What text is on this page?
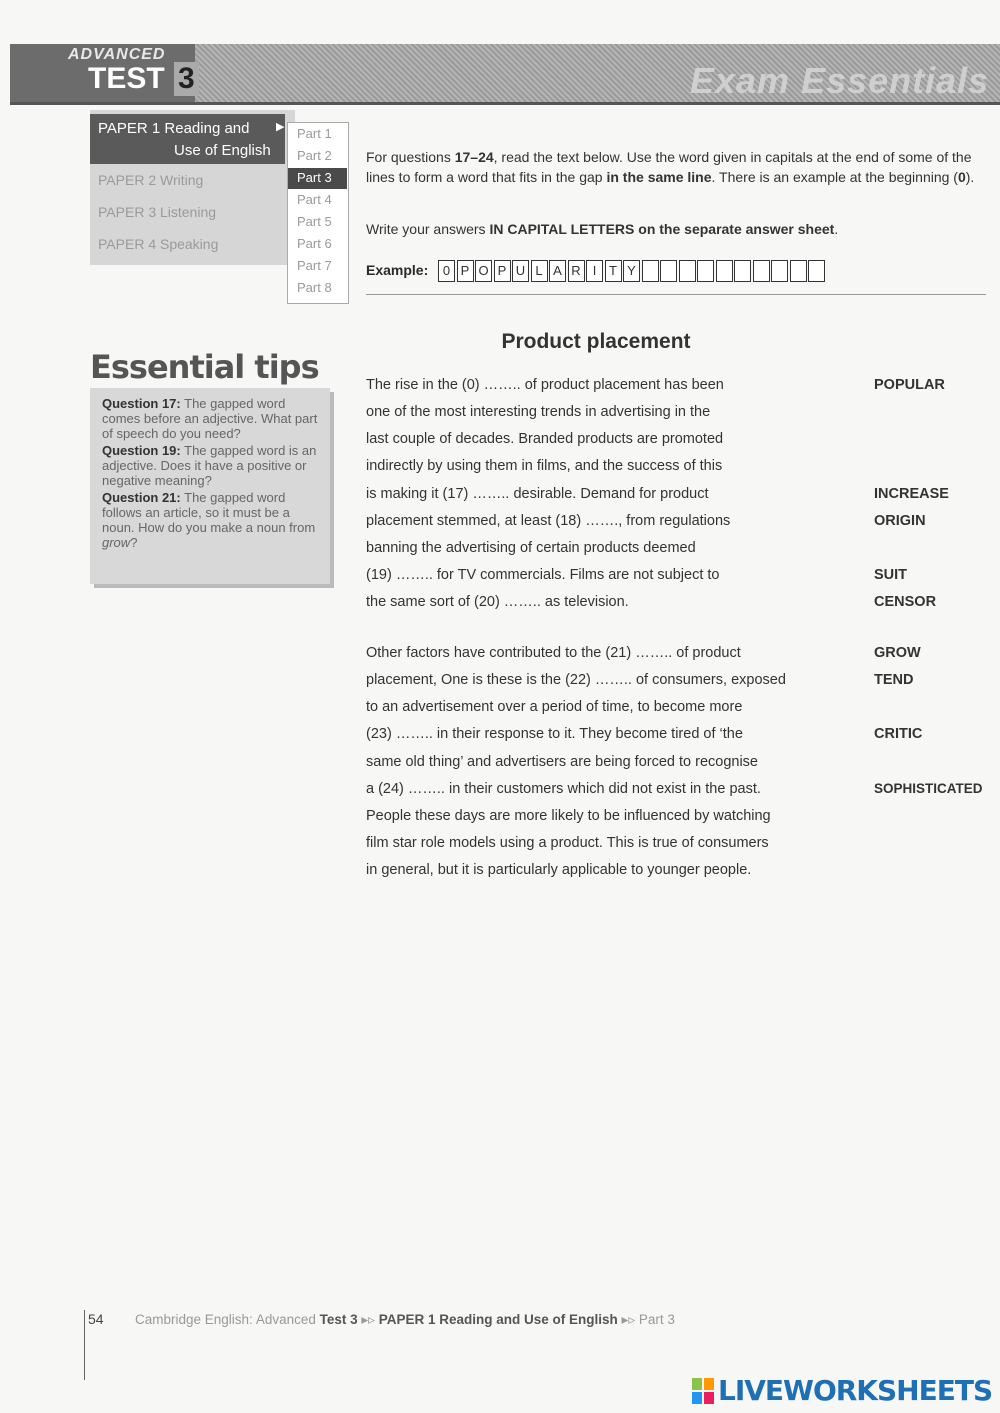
ADVANCED
TEST 3	Exam Essentials
PAPER 1 Reading and
Use of English
▶
PAPER 2 Writing
PAPER 3 Listening
PAPER 4 Speaking
Part 1
Part 2
Part 3
Part 4
Part 5
Part 6
Part 7
Part 8
For questions 17–24, read the text below. Use the word given in capitals at the end of some of the lines to form a word that fits in the gap in the same line. There is an example at the beginning (0).
Write your answers IN CAPITAL LETTERS on the separate answer sheet.
Example:	0 P O P U L A R I T Y
Essential tips
Question 17: The gapped word comes before an adjective. What part of speech do you need?
Question 19: The gapped word is an adjective. Does it have a positive or negative meaning?
Question 21: The gapped word follows an article, so it must be a noun. How do you make a noun from grow?
Product placement
The rise in the (0) …….. of product placement has been
one of the most interesting trends in advertising in the
last couple of decades. Branded products are promoted
indirectly by using them in films, and the success of this
is making it (17) …….. desirable. Demand for product
placement stemmed, at least (18) ……., from regulations
banning the advertising of certain products deemed
(19) …….. for TV commercials. Films are not subject to
the same sort of (20) …….. as television.
Other factors have contributed to the (21) …….. of product
placement, One is these is the (22) …….. of consumers, exposed
to an advertisement over a period of time, to become more
(23) …….. in their response to it. They become tired of ‘the
same old thing’ and advertisers are being forced to recognise
a (24) …….. in their customers which did not exist in the past.
People these days are more likely to be influenced by watching
film star role models using a product. This is true of consumers
in general, but it is particularly applicable to younger people.
POPULAR
INCREASE
ORIGIN
SUIT
CENSOR
GROW
TEND
CRITIC
SOPHISTICATED
54 Cambridge English: Advanced Test 3 ▸▹ PAPER 1 Reading and Use of English ▸▹ Part 3
LIVEWORKSHEETS
